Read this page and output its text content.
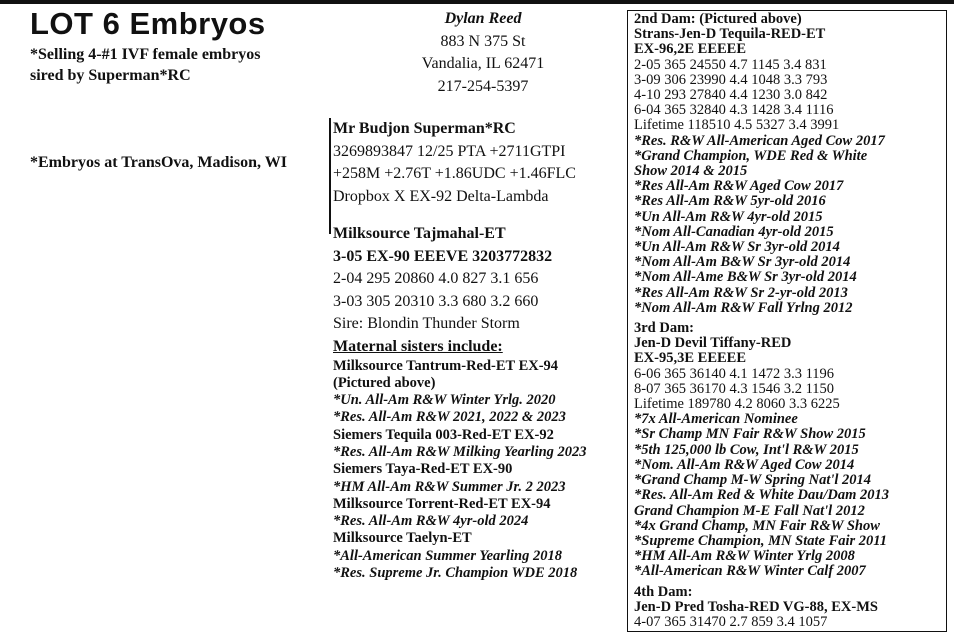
LOT 6 Embryos
*Selling 4-#1 IVF female embryos
sired by Superman*RC
*Embryos at TransOva, Madison, WI
Dylan Reed
883 N 375 St
Vandalia, IL 62471
217-254-5397
Mr Budjon Superman*RC
3269893847 12/25 PTA +2711GTPI
+258M +2.76T +1.86UDC +1.46FLC
Dropbox X EX-92 Delta-Lambda
Milksource Tajmahal-ET
3-05 EX-90 EEEVE 3203772832
2-04 295 20860 4.0 827 3.1 656
3-03 305 20310 3.3 680 3.2 660
Sire: Blondin Thunder Storm
Maternal sisters include:
Milksource Tantrum-Red-ET EX-94
(Pictured above)
*Un. All-Am R&W Winter Yrlg. 2020
*Res. All-Am R&W 2021, 2022 & 2023
Siemers Tequila 003-Red-ET EX-92
*Res. All-Am R&W Milking Yearling 2023
Siemers Taya-Red-ET EX-90
*HM All-Am R&W Summer Jr. 2 2023
Milksource Torrent-Red-ET EX-94
*Res. All-Am R&W 4yr-old 2024
Milksource Taelyn-ET
*All-American Summer Yearling 2018
*Res. Supreme Jr. Champion WDE 2018
2nd Dam: (Pictured above)
Strans-Jen-D Tequila-RED-ET
EX-96,2E EEEEE
2-05 365 24550 4.7 1145 3.4 831
3-09 306 23990 4.4 1048 3.3 793
4-10 293 27840 4.4 1230 3.0 842
6-04 365 32840 4.3 1428 3.4 1116
Lifetime 118510 4.5 5327 3.4 3991
*Res. R&W All-American Aged Cow 2017
*Grand Champion, WDE Red & White
Show 2014 & 2015
*Res All-Am R&W Aged Cow 2017
*Res All-Am R&W 5yr-old 2016
*Un All-Am R&W 4yr-old 2015
*Nom All-Canadian 4yr-old 2015
*Un All-Am R&W Sr 3yr-old 2014
*Nom All-Am B&W Sr 3yr-old 2014
*Nom All-Ame B&W Sr 3yr-old 2014
*Res All-Am R&W Sr 2-yr-old 2013
*Nom All-Am R&W Fall Yrlng 2012
3rd Dam:
Jen-D Devil Tiffany-RED
EX-95,3E EEEEE
6-06 365 36140 4.1 1472 3.3 1196
8-07 365 36170 4.3 1546 3.2 1150
Lifetime 189780 4.2 8060 3.3 6225
*7x All-American Nominee
*Sr Champ MN Fair R&W Show 2015
*5th 125,000 lb Cow, Int'l R&W 2015
*Nom. All-Am R&W Aged Cow 2014
*Grand Champ M-W Spring Nat'l 2014
*Res. All-Am Red & White Dau/Dam 2013
Grand Champion M-E Fall Nat'l 2012
*4x Grand Champ, MN Fair R&W Show
*Supreme Champion, MN State Fair 2011
*HM All-Am R&W Winter Yrlg 2008
*All-American R&W Winter Calf 2007
4th Dam:
Jen-D Pred Tosha-RED VG-88, EX-MS
4-07 365 31470 2.7 859 3.4 1057
